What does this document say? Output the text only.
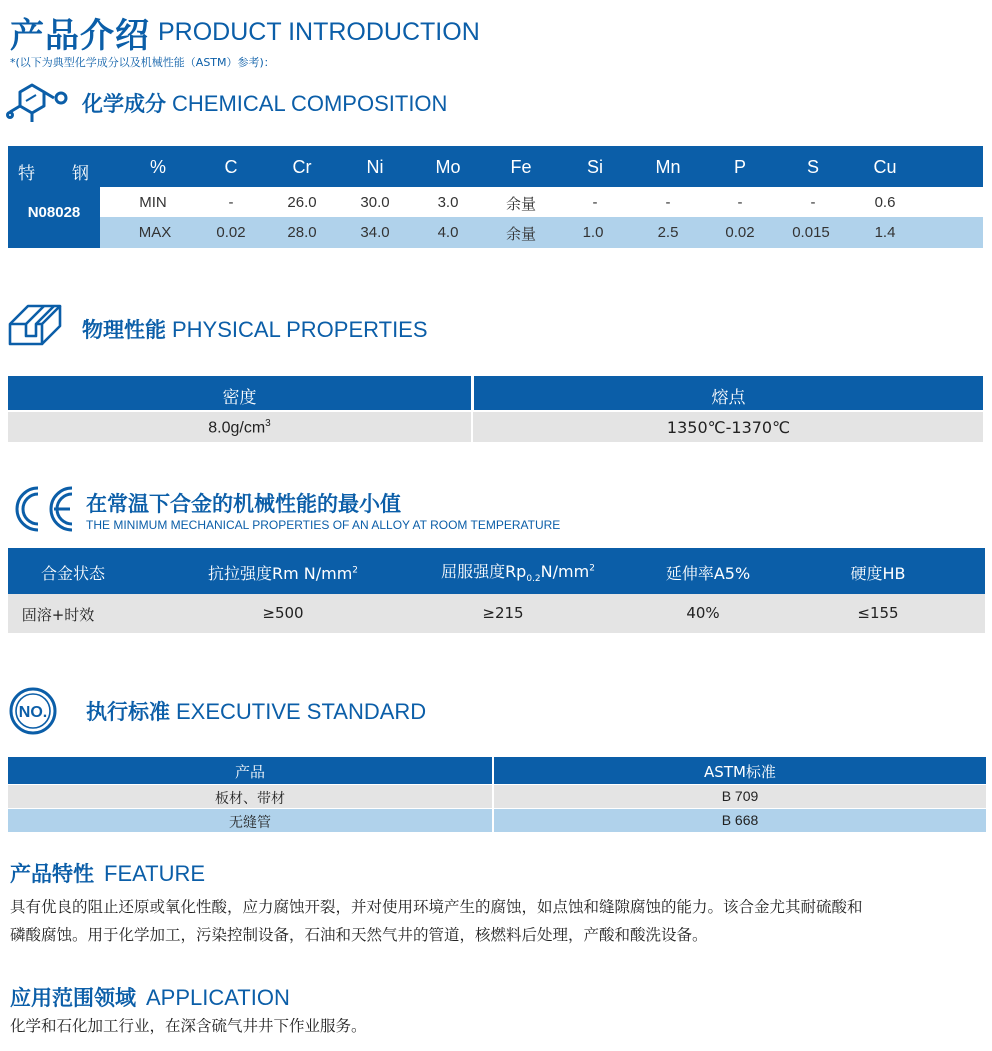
产品介绍 PRODUCT INTRODUCTION
*(以下为典型化学成分以及机械性能（ASTM）参考)：
化学成分 CHEMICAL COMPOSITION
特 钢
N08028
%	C	Cr	Ni	Mo	Fe	Si	Mn	P	S	Cu
MIN	-	26.0	30.0	3.0	余量	-	-	-	-	0.6
MAX	0.02	28.0	34.0	4.0	余量	1.0	2.5	0.02	0.015	1.4
物理性能 PHYSICAL PROPERTIES
密度	熔点
$8.0g/cm^3$	1350℃-1370℃
在常温下合金的机械性能的最小值
THE MINIMUM MECHANICAL PROPERTIES OF AN ALLOY AT ROOM TEMPERATURE
合金状态	抗拉强度Rm $N/mm^2$	屈服强度$Rp_{0.2}N/mm^2$	延伸率A5%	硬度HB
固溶+时效	≥500	≥215	40%	≤155
NO. 执行标准 EXECUTIVE STANDARD
产品	ASTM标准
板材、带材	B 709
无缝管	B 668
产品特性 FEATURE
具有优良的阻止还原或氧化性酸，应力腐蚀开裂，并对使用环境产生的腐蚀，如点蚀和缝隙腐蚀的能力。该合金尤其耐硫酸和
磷酸腐蚀。用于化学加工，污染控制设备，石油和天然气井的管道，核燃料后处理，产酸和酸洗设备。
应用范围领域 APPLICATION
化学和石化加工行业，在深含硫气井井下作业服务。
